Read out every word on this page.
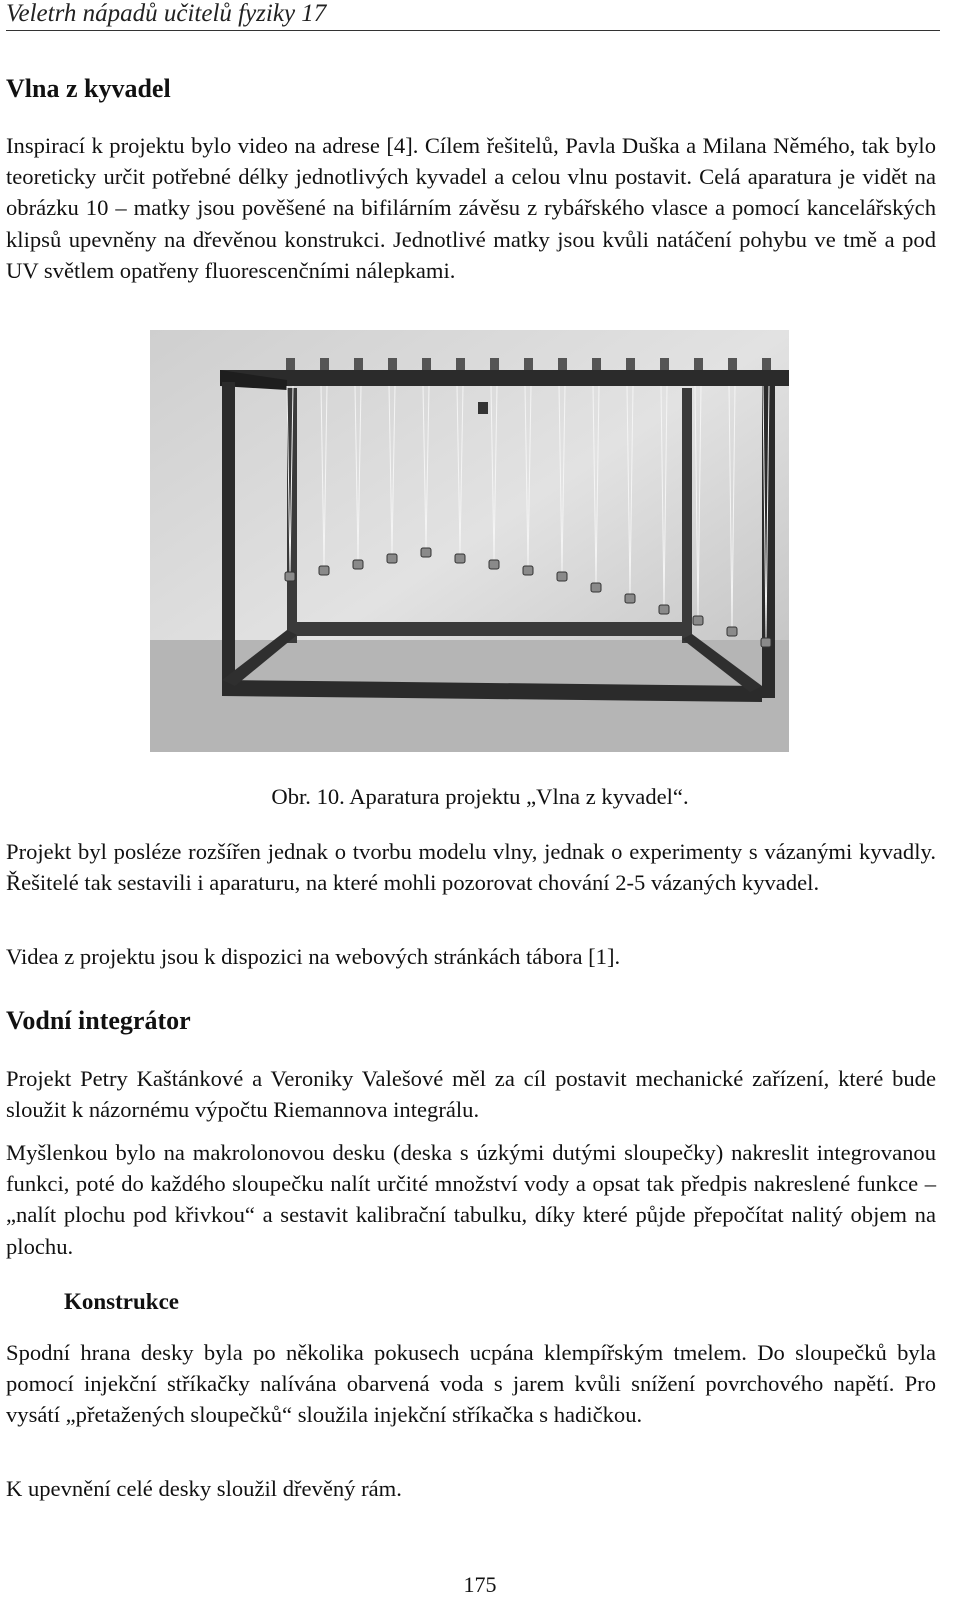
Veletrh nápadů učitelů fyziky 17
Vlna z kyvadel
Inspirací k projektu bylo video na adrese [4]. Cílem řešitelů, Pavla Duška a Milana Němého, tak bylo teoreticky určit potřebné délky jednotlivých kyvadel a celou vlnu postavit. Celá aparatura je vidět na obrázku 10 – matky jsou pověšené na bifilárním závěsu z rybářského vlasce a pomocí kancelářských klipsů upevněny na dřevěnou konstrukci. Jednotlivé matky jsou kvůli natáčení pohybu ve tmě a pod UV světlem opatřeny fluorescenčními nálepkami.
Obr. 10. Aparatura projektu „Vlna z kyvadel“.
Projekt byl posléze rozšířen jednak o tvorbu modelu vlny, jednak o experimenty s vázanými kyvadly. Řešitelé tak sestavili i aparaturu, na které mohli pozorovat chování 2-5 vázaných kyvadel.
Videa z projektu jsou k dispozici na webových stránkách tábora [1].
Vodní integrátor
Projekt Petry Kaštánkové a Veroniky Valešové měl za cíl postavit mechanické zařízení, které bude sloužit k názornému výpočtu Riemannova integrálu.
Myšlenkou bylo na makrolonovou desku (deska s úzkými dutými sloupečky) nakreslit integrovanou funkci, poté do každého sloupečku nalít určité množství vody a opsat tak předpis nakreslené funkce – „nalít plochu pod křivkou“ a sestavit kalibrační tabulku, díky které půjde přepočítat nalitý objem na plochu.
Konstrukce
Spodní hrana desky byla po několika pokusech ucpána klempířským tmelem. Do sloupečků byla pomocí injekční stříkačky nalívána obarvená voda s jarem kvůli snížení povrchového napětí. Pro vysátí „přetažených sloupečků“ sloužila injekční stříkačka s hadičkou.
K upevnění celé desky sloužil dřevěný rám.
175
